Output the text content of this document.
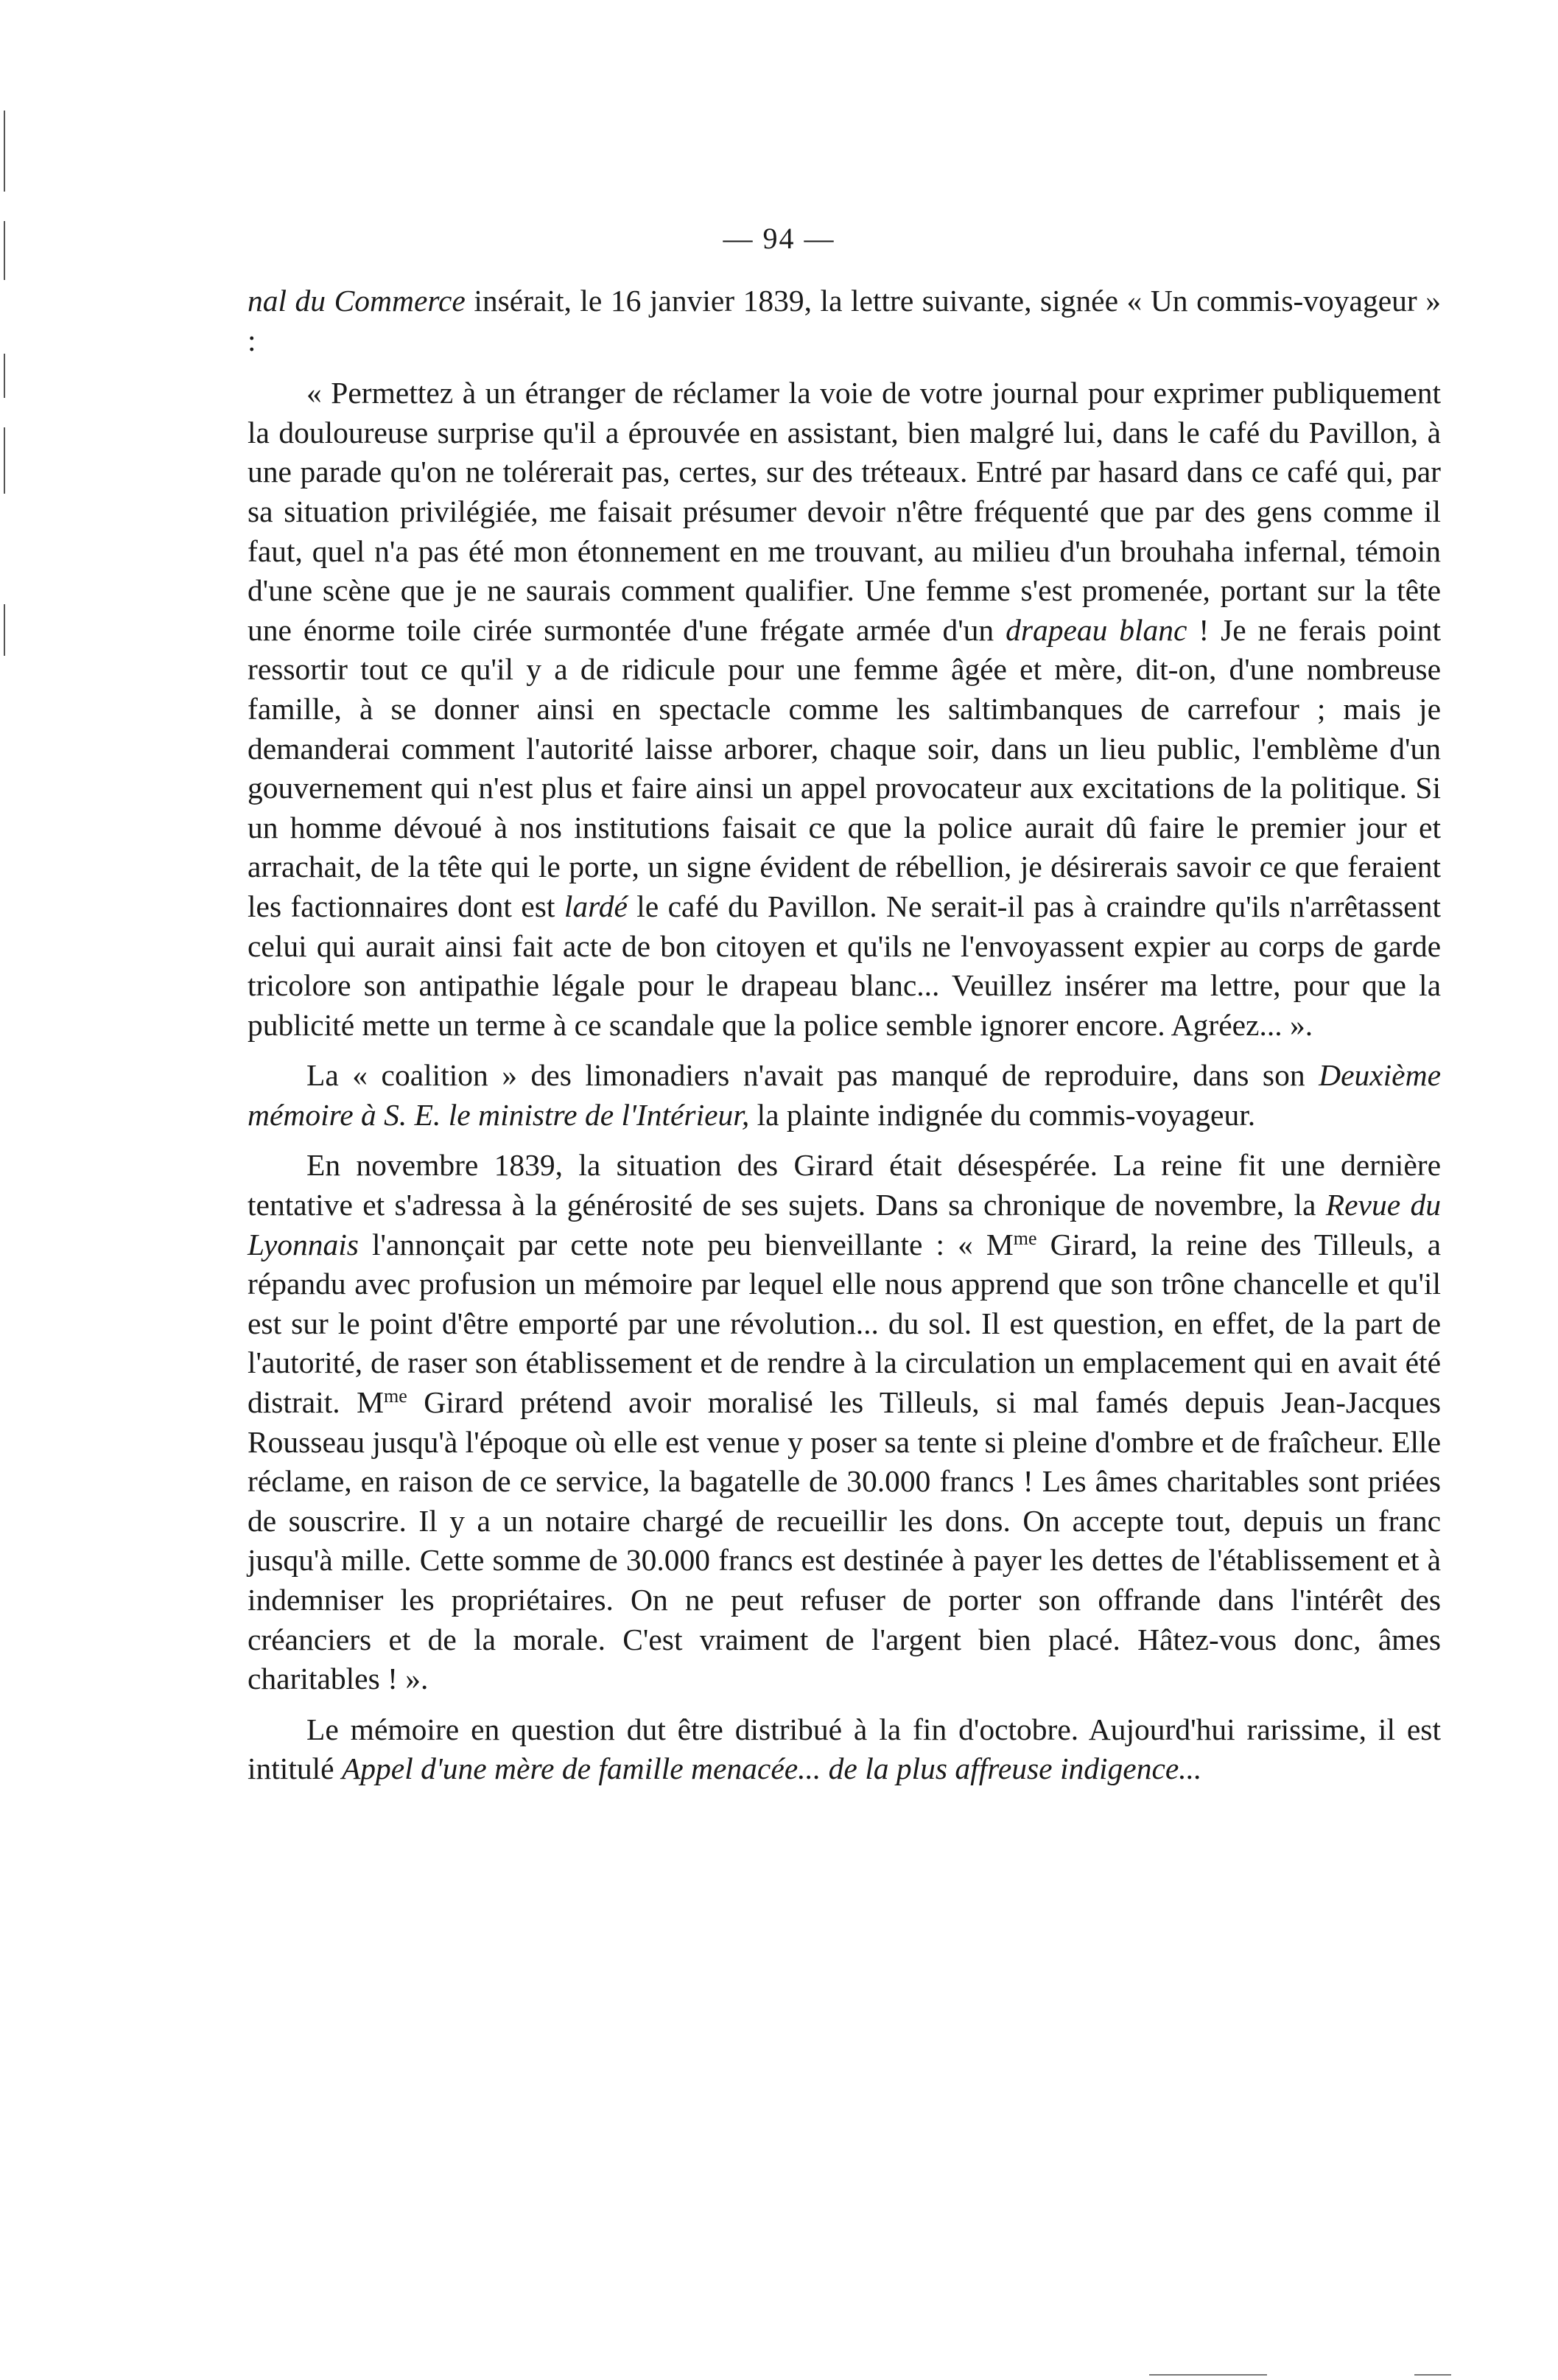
— 94 —

nal du Commerce insérait, le 16 janvier 1839, la lettre suivante, signée « Un commis-voyageur » :

« Permettez à un étranger de réclamer la voie de votre journal pour exprimer publiquement la douloureuse surprise qu'il a éprouvée en assistant, bien malgré lui, dans le café du Pavillon, à une parade qu'on ne tolérerait pas, certes, sur des tréteaux. Entré par hasard dans ce café qui, par sa situation privilégiée, me faisait présumer devoir n'être fréquenté que par des gens comme il faut, quel n'a pas été mon étonnement en me trouvant, au milieu d'un brouhaha infernal, témoin d'une scène que je ne saurais comment qualifier. Une femme s'est promenée, portant sur la tête une énorme toile cirée surmontée d'une frégate armée d'un drapeau blanc ! Je ne ferais point ressortir tout ce qu'il y a de ridicule pour une femme âgée et mère, dit-on, d'une nombreuse famille, à se donner ainsi en spectacle comme les saltimbanques de carrefour ; mais je demanderai comment l'autorité laisse arborer, chaque soir, dans un lieu public, l'emblème d'un gouvernement qui n'est plus et faire ainsi un appel provocateur aux excitations de la politique. Si un homme dévoué à nos institutions faisait ce que la police aurait dû faire le premier jour et arrachait, de la tête qui le porte, un signe évident de rébellion, je désirerais savoir ce que feraient les factionnaires dont est lardé le café du Pavillon. Ne serait-il pas à craindre qu'ils n'arrêtassent celui qui aurait ainsi fait acte de bon citoyen et qu'ils ne l'envoyassent expier au corps de garde tricolore son antipathie légale pour le drapeau blanc... Veuillez insérer ma lettre, pour que la publicité mette un terme à ce scandale que la police semble ignorer encore. Agréez... ».

La « coalition » des limonadiers n'avait pas manqué de reproduire, dans son Deuxième mémoire à S. E. le ministre de l'Intérieur, la plainte indignée du commis-voyageur.

En novembre 1839, la situation des Girard était désespérée. La reine fit une dernière tentative et s'adressa à la générosité de ses sujets. Dans sa chronique de novembre, la Revue du Lyonnais l'annonçait par cette note peu bienveillante : « $M^{me}$ Girard, la reine des Tilleuls, a répandu avec profusion un mémoire par lequel elle nous apprend que son trône chancelle et qu'il est sur le point d'être emporté par une révolution... du sol. Il est question, en effet, de la part de l'autorité, de raser son établissement et de rendre à la circulation un emplacement qui en avait été distrait. $M^{me}$ Girard prétend avoir moralisé les Tilleuls, si mal famés depuis Jean-Jacques Rousseau jusqu'à l'époque où elle est venue y poser sa tente si pleine d'ombre et de fraîcheur. Elle réclame, en raison de ce service, la bagatelle de 30.000 francs ! Les âmes charitables sont priées de souscrire. Il y a un notaire chargé de recueillir les dons. On accepte tout, depuis un franc jusqu'à mille. Cette somme de 30.000 francs est destinée à payer les dettes de l'établissement et à indemniser les propriétaires. On ne peut refuser de porter son offrande dans l'intérêt des créanciers et de la morale. C'est vraiment de l'argent bien placé. Hâtez-vous donc, âmes charitables ! ».

Le mémoire en question dut être distribué à la fin d'octobre. Aujourd'hui rarissime, il est intitulé Appel d'une mère de famille menacée... de la plus affreuse indigence...
